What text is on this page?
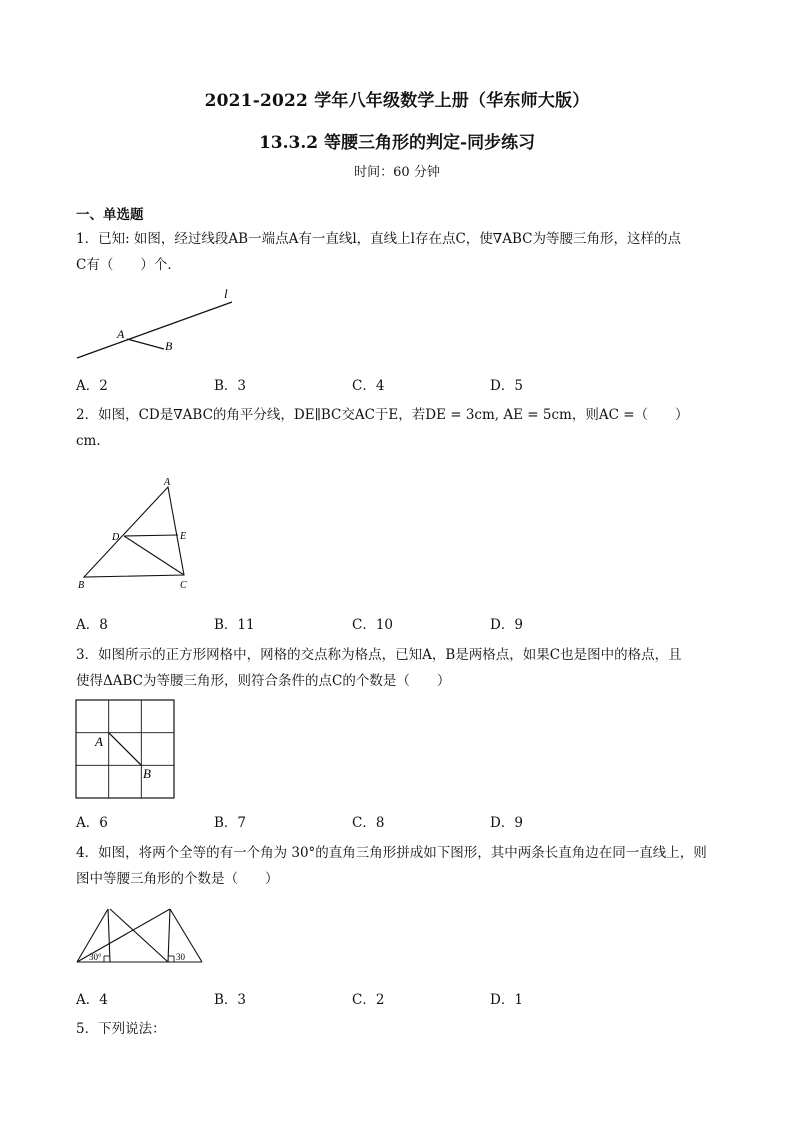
2021-2022 学年八年级数学上册（华东师大版）
13.3.2 等腰三角形的判定-同步练习
时间：60 分钟
一、单选题
1．已知: 如图，经过线段AB一端点A有一直线l，直线上l存在点C，使∇ABC为等腰三角形，这样的点
C有（　　）个．
l
A
B
A．2	B．3	C．4	D．5
2．如图，CD是∇ABC的角平分线，DE∥BC交AC于E，若DE = 3cm, AE = 5cm，则AC =（　　）
cm．
A
D	E
B	C
A．8	B．11	C．10	D．9
3．如图所示的正方形网格中，网格的交点称为格点，已知A，B是两格点，如果C也是图中的格点，且
使得ΔABC为等腰三角形，则符合条件的点C的个数是（　　）
A
B
A．6	B．7	C．8	D．9
4．如图，将两个全等的有一个角为 30°的直角三角形拼成如下图形，其中两条长直角边在同一直线上，则
图中等腰三角形的个数是（　　）
30°	30
A．4	B．3	C．2	D．1
5．下列说法：
